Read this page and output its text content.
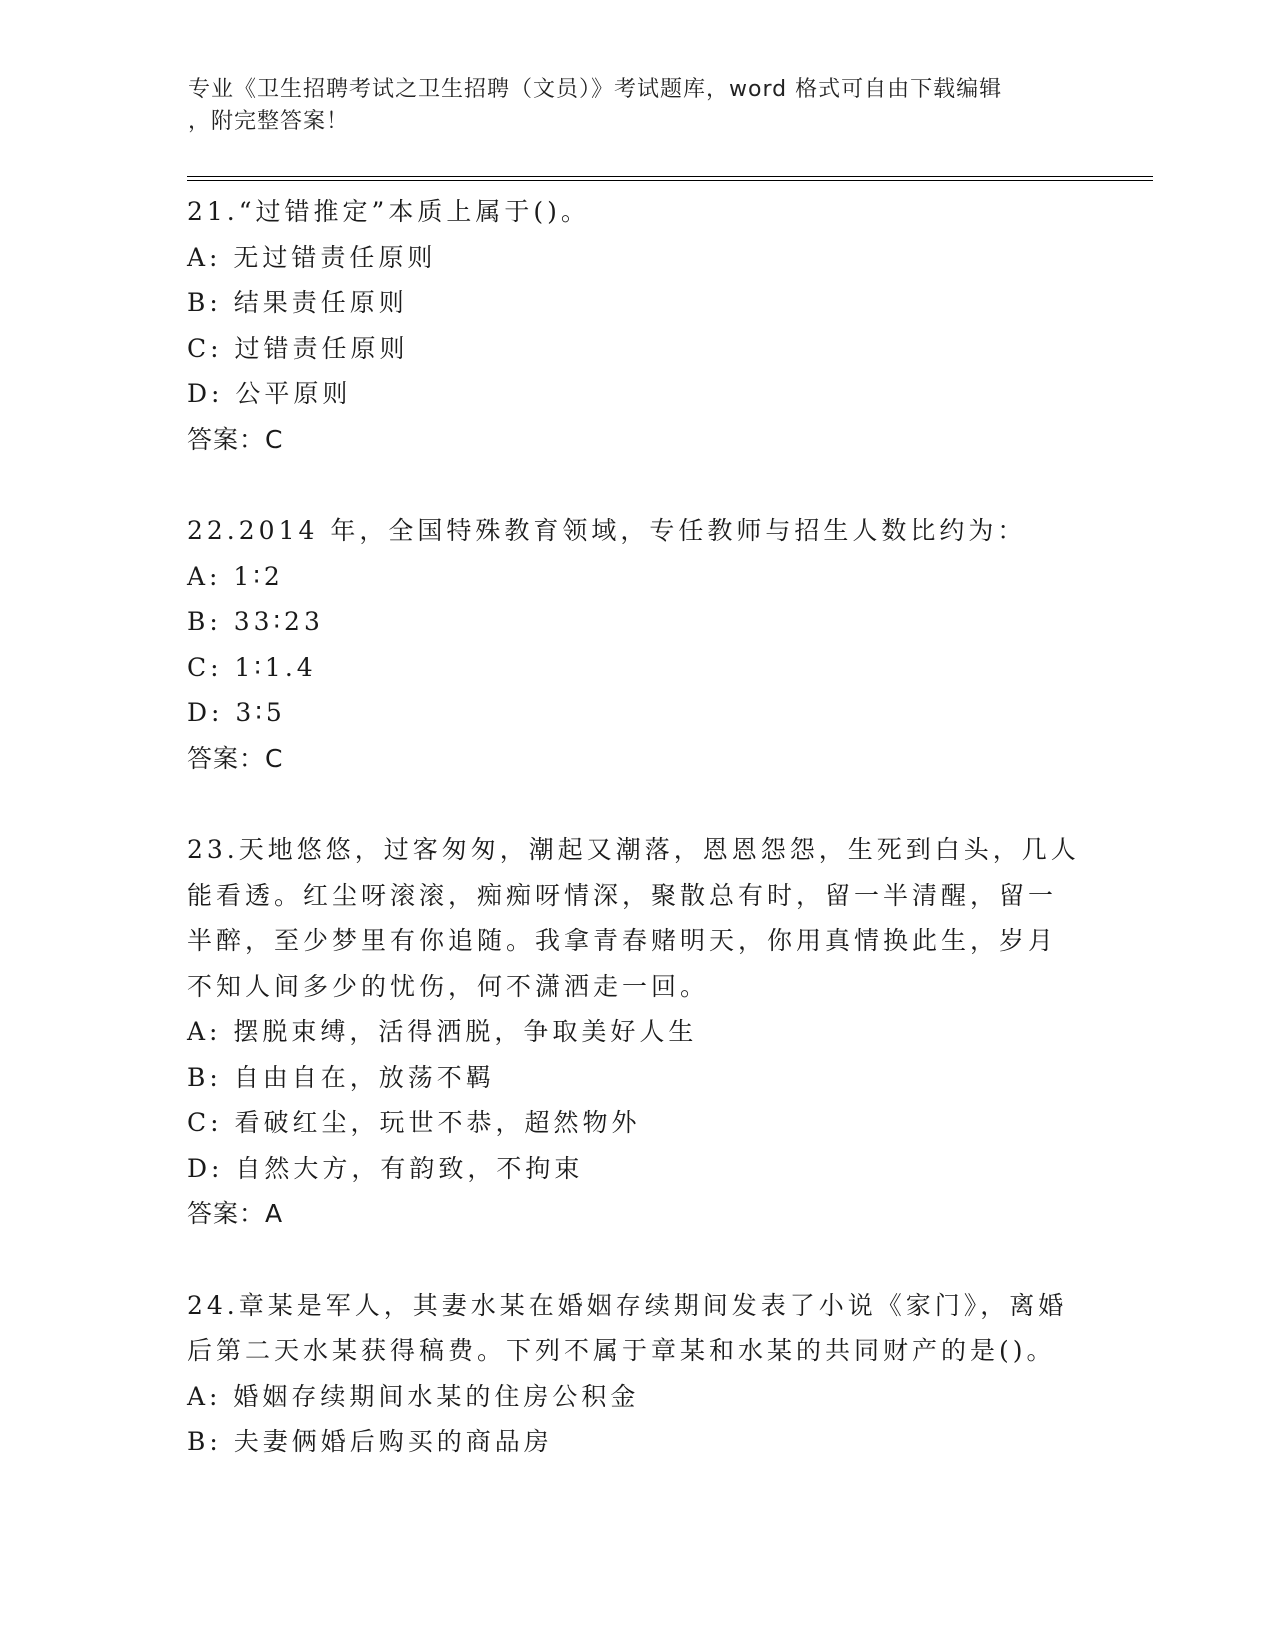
专业《卫生招聘考试之卫生招聘（文员）》考试题库，word 格式可自由下载编辑
，附完整答案！
21.“过错推定”本质上属于()。
A: 无过错责任原则
B: 结果责任原则
C: 过错责任原则
D: 公平原则
答案：C
22.2014 年，全国特殊教育领域，专任教师与招生人数比约为：
A: 1∶2
B: 33∶23
C: 1∶1.4
D: 3∶5
答案：C
23.天地悠悠，过客匆匆，潮起又潮落，恩恩怨怨，生死到白头，几人
能看透。红尘呀滚滚，痴痴呀情深，聚散总有时，留一半清醒，留一
半醉，至少梦里有你追随。我拿青春赌明天，你用真情换此生，岁月
不知人间多少的忧伤，何不潇洒走一回。
A: 摆脱束缚，活得洒脱，争取美好人生
B: 自由自在，放荡不羁
C: 看破红尘，玩世不恭，超然物外
D: 自然大方，有韵致，不拘束
答案：A
24.章某是军人，其妻水某在婚姻存续期间发表了小说《家门》，离婚
后第二天水某获得稿费。下列不属于章某和水某的共同财产的是()。
A: 婚姻存续期间水某的住房公积金
B: 夫妻俩婚后购买的商品房
